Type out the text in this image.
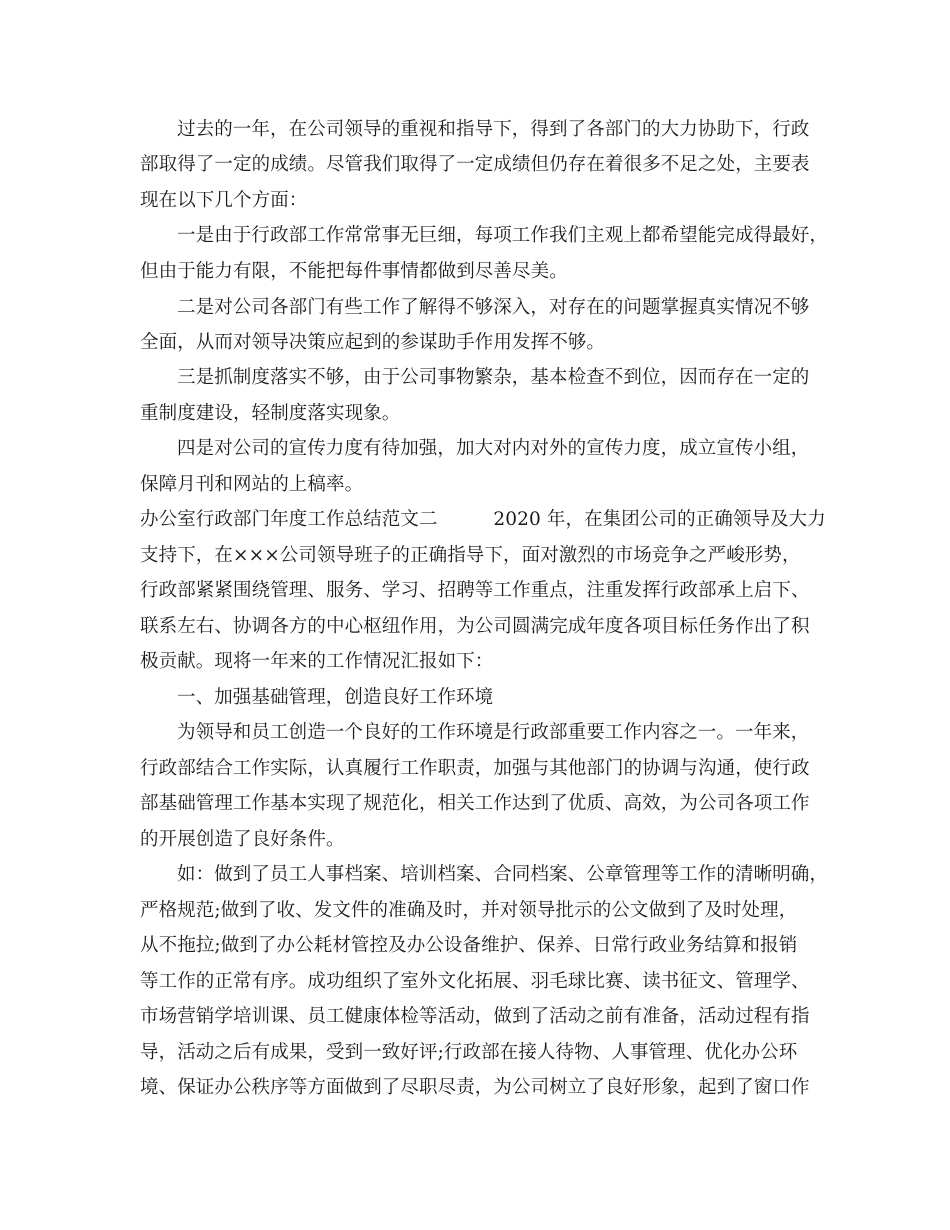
过去的一年，在公司领导的重视和指导下，得到了各部门的大力协助下，行政

部取得了一定的成绩。尽管我们取得了一定成绩但仍存在着很多不足之处，主要表

现在以下几个方面：

一是由于行政部工作常常事无巨细，每项工作我们主观上都希望能完成得最好，

但由于能力有限，不能把每件事情都做到尽善尽美。

二是对公司各部门有些工作了解得不够深入，对存在的问题掌握真实情况不够

全面，从而对领导决策应起到的参谋助手作用发挥不够。

三是抓制度落实不够，由于公司事物繁杂，基本检查不到位，因而存在一定的

重制度建设，轻制度落实现象。

四是对公司的宣传力度有待加强，加大对内对外的宣传力度，成立宣传小组，

保障月刊和网站的上稿率。

办公室行政部门年度工作总结范文二　　　2020 年，在集团公司的正确领导及大力

支持下，在×××公司领导班子的正确指导下，面对激烈的市场竞争之严峻形势，

行政部紧紧围绕管理、服务、学习、招聘等工作重点，注重发挥行政部承上启下、

联系左右、协调各方的中心枢纽作用，为公司圆满完成年度各项目标任务作出了积

极贡献。现将一年来的工作情况汇报如下：

一、加强基础管理，创造良好工作环境

为领导和员工创造一个良好的工作环境是行政部重要工作内容之一。一年来，

行政部结合工作实际，认真履行工作职责，加强与其他部门的协调与沟通，使行政

部基础管理工作基本实现了规范化，相关工作达到了优质、高效，为公司各项工作

的开展创造了良好条件。

如：做到了员工人事档案、培训档案、合同档案、公章管理等工作的清晰明确，

严格规范;做到了收、发文件的准确及时，并对领导批示的公文做到了及时处理，

从不拖拉;做到了办公耗材管控及办公设备维护、保养、日常行政业务结算和报销

等工作的正常有序。成功组织了室外文化拓展、羽毛球比赛、读书征文、管理学、

市场营销学培训课、员工健康体检等活动，做到了活动之前有准备，活动过程有指

导，活动之后有成果，受到一致好评;行政部在接人待物、人事管理、优化办公环

境、保证办公秩序等方面做到了尽职尽责，为公司树立了良好形象，起到了窗口作
